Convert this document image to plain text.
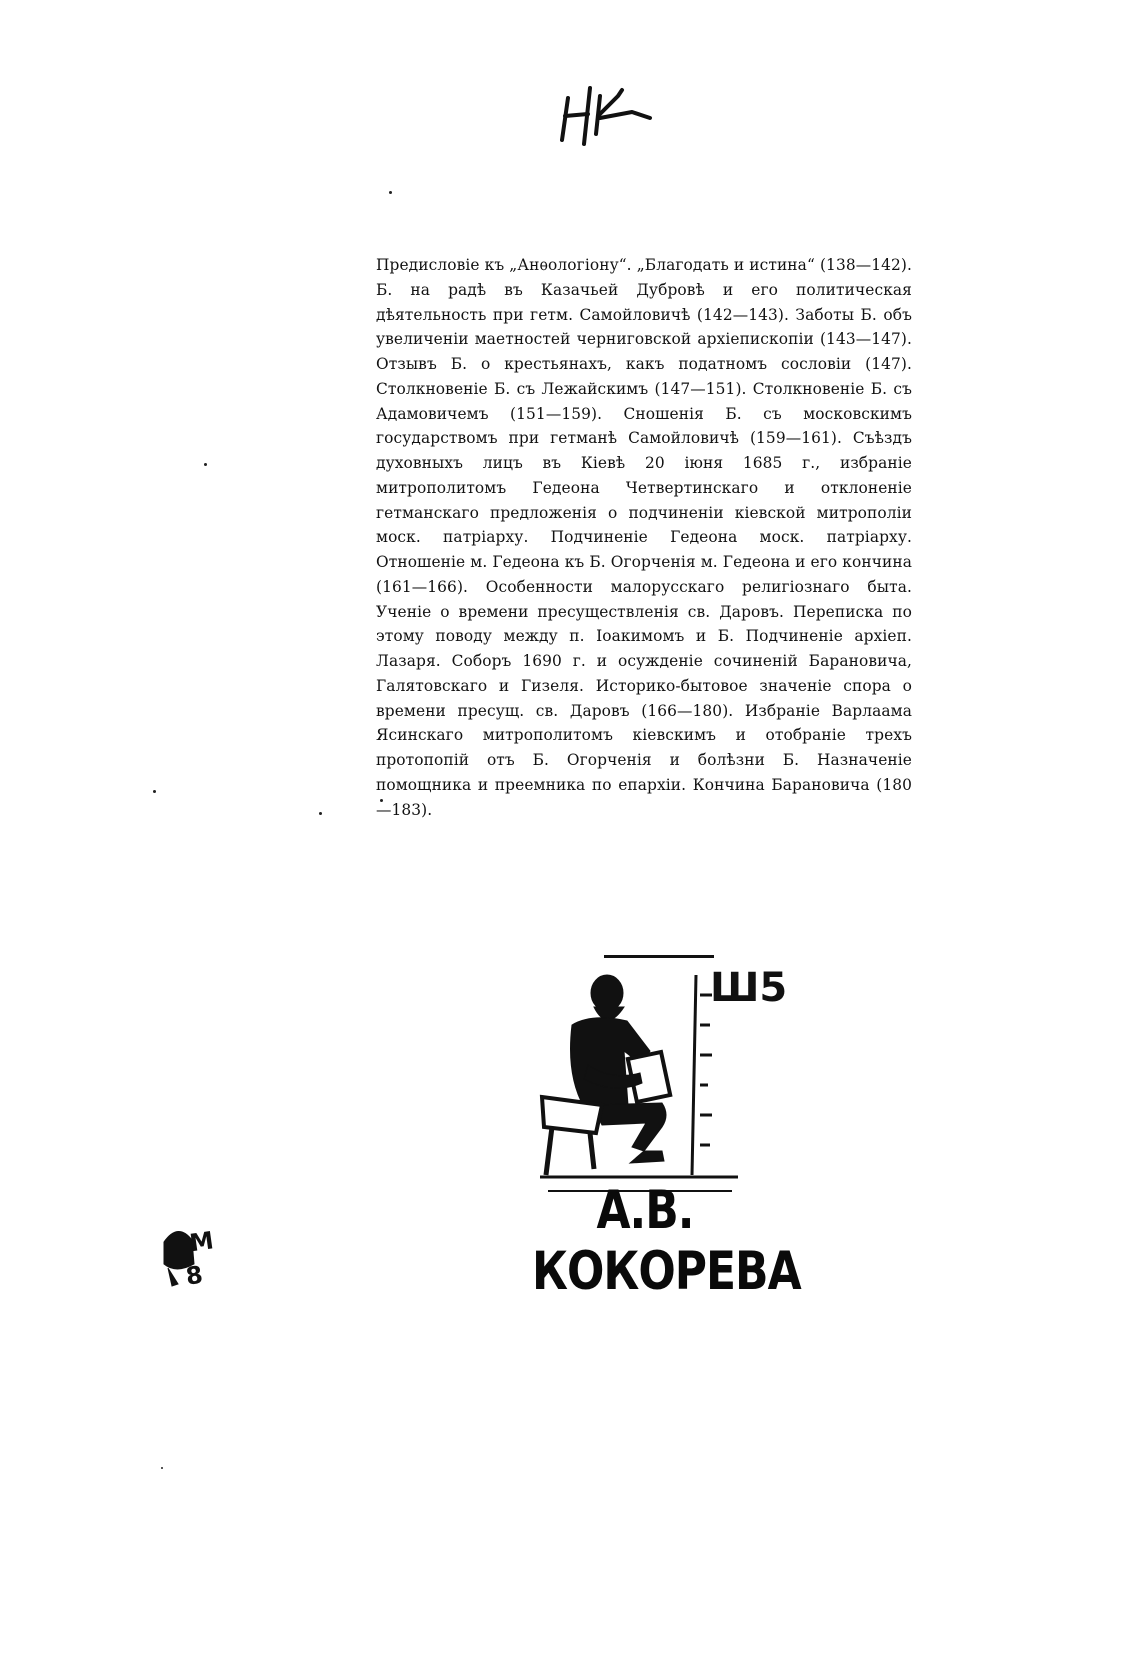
Предисловіе къ „Анѳологіону“. „Благодать и истина“ (138—142). Б. на радѣ въ Казачьей Дубровѣ и его политическая дѣятельность при гетм. Самойловичѣ (142—143). Заботы Б. объ увеличеніи маетностей черниговской архіепископіи (143—147). Отзывъ Б. о крестьянахъ, какъ податномъ сословіи (147). Столкновеніе Б. съ Лежайскимъ (147—151). Столкновеніе Б. съ Адамовичемъ (151—159). Сношенія Б. съ московскимъ государствомъ при гетманѣ Самойловичѣ (159—161). Съѣздъ духовныхъ лицъ въ Кіевѣ 20 іюня 1685 г., избраніе митрополитомъ Гедеона Четвертинскаго и отклоненіе гетманскаго предложенія о подчиненіи кіевской митрополіи моск. патріарху. Подчиненіе Гедеона моск. патріарху. Отношеніе м. Гедеона къ Б. Огорченія м. Гедеона и его кончина (161—166). Особенности малорусскаго религіознаго быта. Ученіе о времени пресуществленія св. Даровъ. Переписка по этому поводу между п. Іоакимомъ и Б. Подчиненіе архіеп. Лазаря. Соборъ 1690 г. и осужденіе сочиненій Барановича, Галятовскаго и Гизеля. Историко-бытовое значеніе спора о времени пресущ. св. Даровъ (166—180). Избраніе Варлаама Ясинскаго митрополитомъ кіевскимъ и отобраніе трехъ протопопій отъ Б. Огорченія и болѣзни Б. Назначеніе помощника и преемника по епархіи. Кончина Барановича (180—183).
Ш5
А.В. КОКОРЕВА
M
8
